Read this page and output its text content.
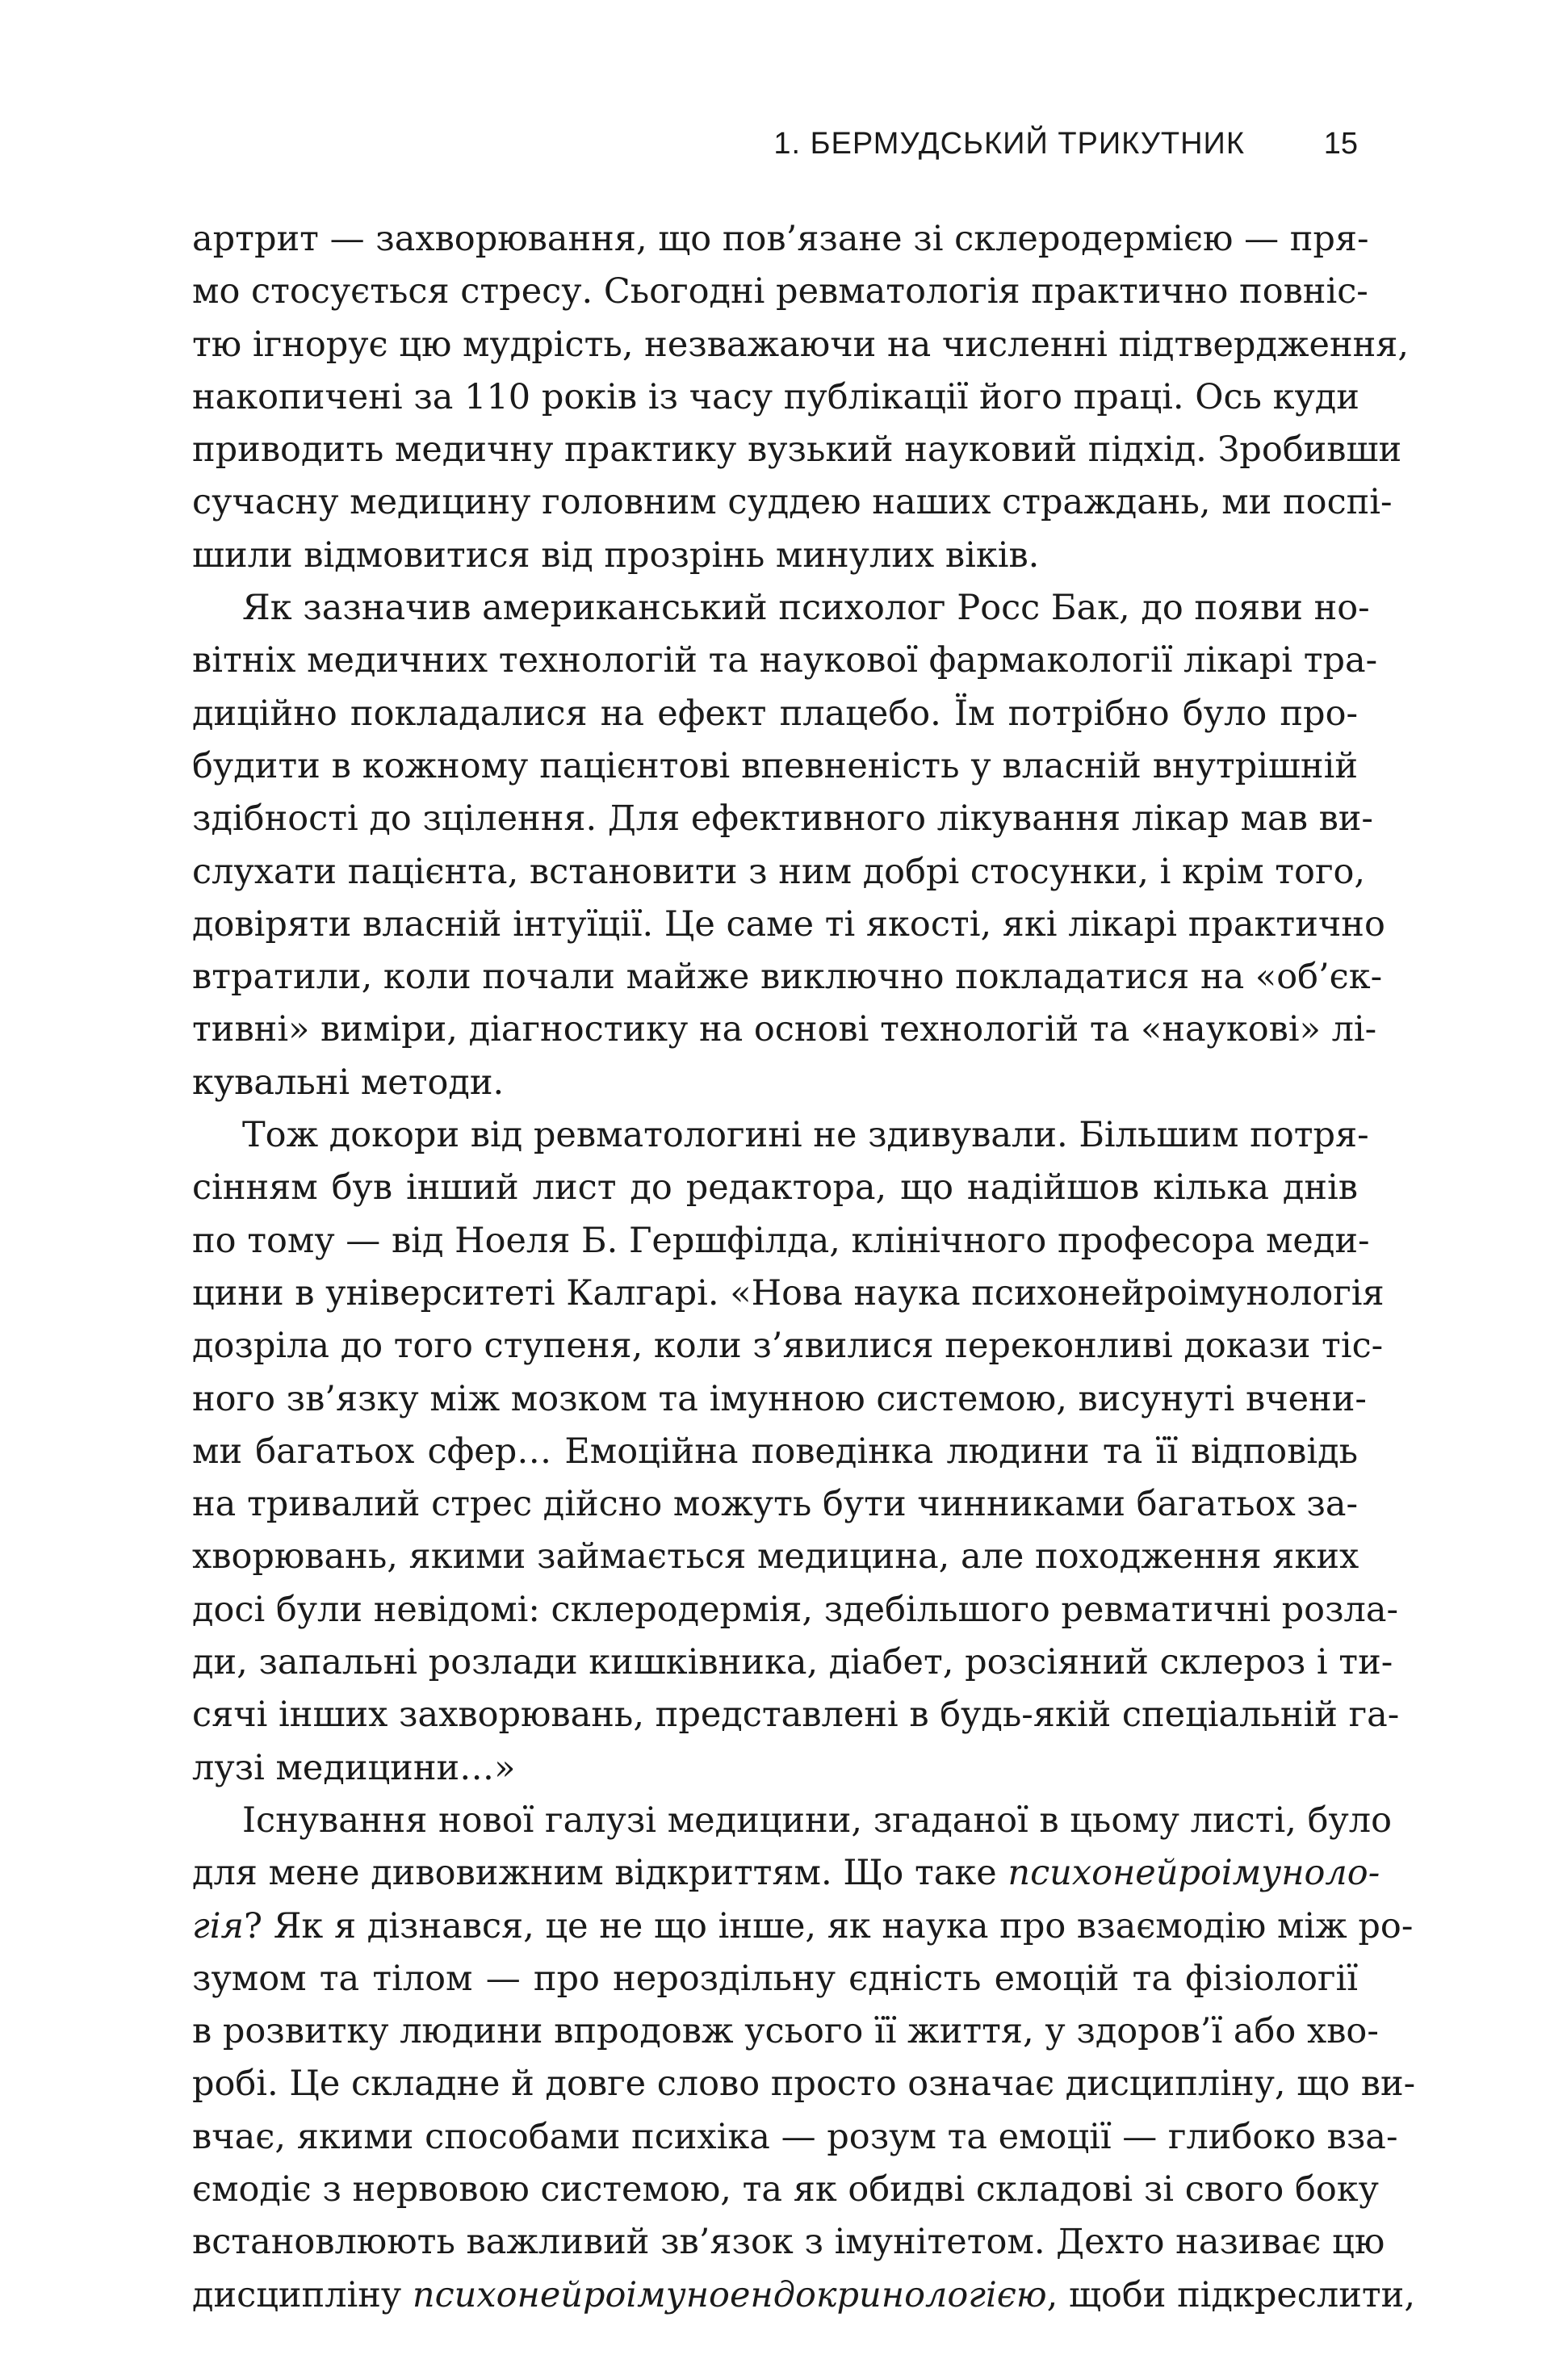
1. БЕРМУДСЬКИЙ ТРИКУТНИК	15
артрит — захворювання, що пов’язане зі склеродермією — пря-
мо стосується стресу. Сьогодні ревматологія практично повніс-
тю ігнорує цю мудрість, незважаючи на численні підтвердження,
накопичені за 110 років із часу публікації його праці. Ось куди
приводить медичну практику вузький науковий підхід. Зробивши
сучасну медицину головним суддею наших страждань, ми поспі-
шили відмовитися від прозрінь минулих віків.
Як зазначив американський психолог Росс Бак, до появи но-
вітніх медичних технологій та наукової фармакології лікарі тра-
диційно покладалися на ефект плацебо. Їм потрібно було про-
будити в кожному пацієнтові впевненість у власній внутрішній
здібності до зцілення. Для ефективного лікування лікар мав ви-
слухати пацієнта, встановити з ним добрі стосунки, і крім того,
довіряти власній інтуїції. Це саме ті якості, які лікарі практично
втратили, коли почали майже виключно покладатися на «об’єк-
тивні» виміри, діагностику на основі технологій та «наукові» лі-
кувальні методи.
Тож докори від ревматологині не здивували. Більшим потря-
сінням був інший лист до редактора, що надійшов кілька днів
по тому — від Ноеля Б. Гершфілда, клінічного професора меди-
цини в університеті Калгарі. «Нова наука психонейроімунологія
дозріла до того ступеня, коли з’явилися переконливі докази тіс-
ного зв’язку між мозком та імунною системою, висунуті вчени-
ми багатьох сфер… Емоційна поведінка людини та її відповідь
на тривалий стрес дійсно можуть бути чинниками багатьох за-
хворювань, якими займається медицина, але походження яких
досі були невідомі: склеродермія, здебільшого ревматичні розла-
ди, запальні розлади кишківника, діабет, розсіяний склероз і ти-
сячі інших захворювань, представлені в будь-якій спеціальній га-
лузі медицини…»
Існування нової галузі медицини, згаданої в цьому листі, було
для мене дивовижним відкриттям. Що таке психонейроімуноло-
гія? Як я дізнався, це не що інше, як наука про взаємодію між ро-
зумом та тілом — про нероздільну єдність емоцій та фізіології
в розвитку людини впродовж усього її життя, у здоров’ї або хво-
робі. Це складне й довге слово просто означає дисципліну, що ви-
вчає, якими способами психіка — розум та емоції — глибоко вза-
ємодіє з нервовою системою, та як обидві складові зі свого боку
встановлюють важливий зв’язок з імунітетом. Дехто називає цю
дисципліну психонейроімуноендокринологією, щоби підкреслити,
